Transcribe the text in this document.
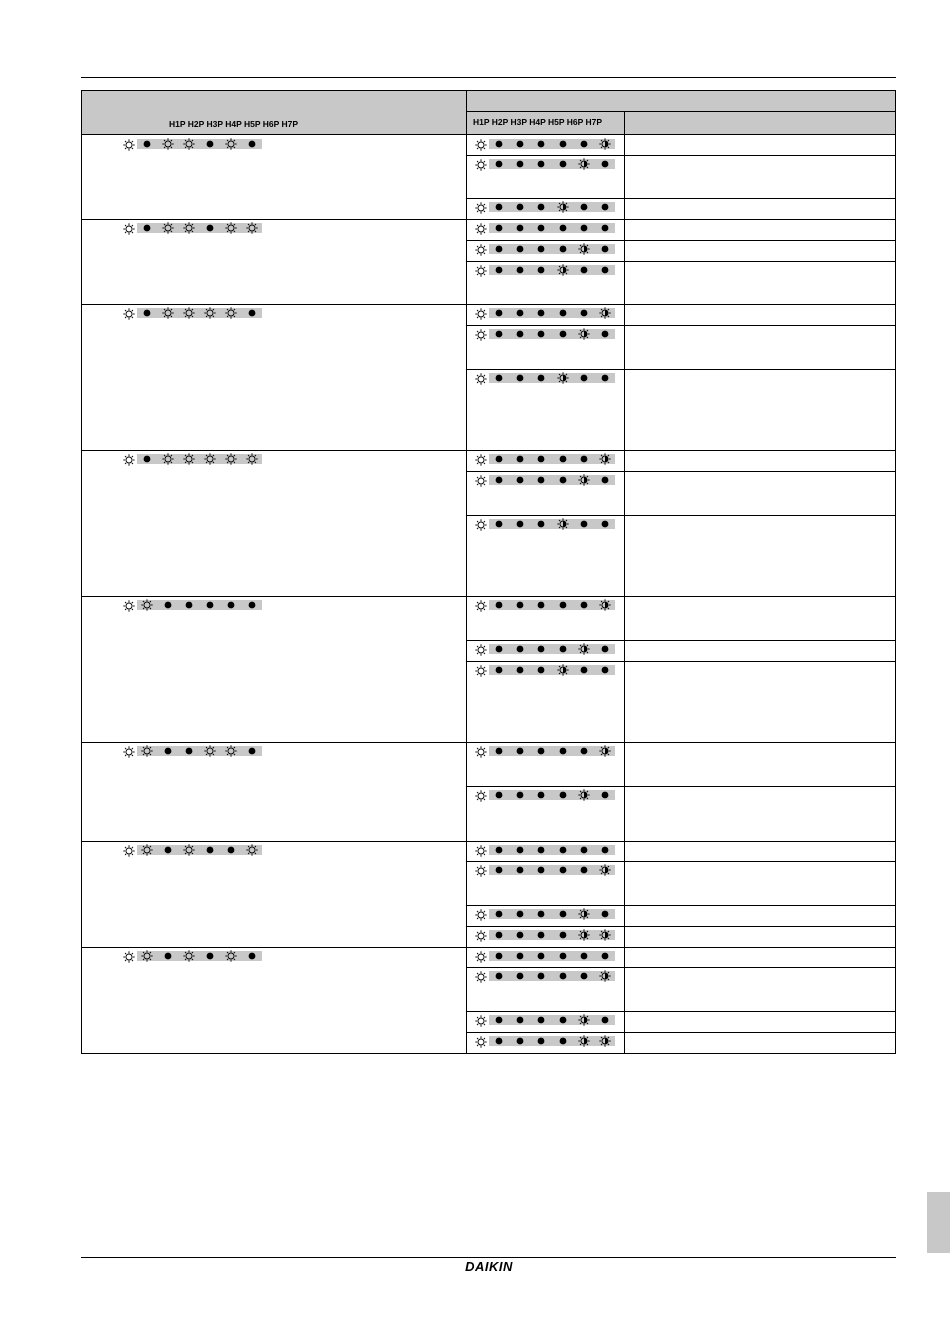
H1P H2P H3P H4P H5P H6P H7P	H1P H2P H3P H4P H5P H6P H7P
DAIKIN
